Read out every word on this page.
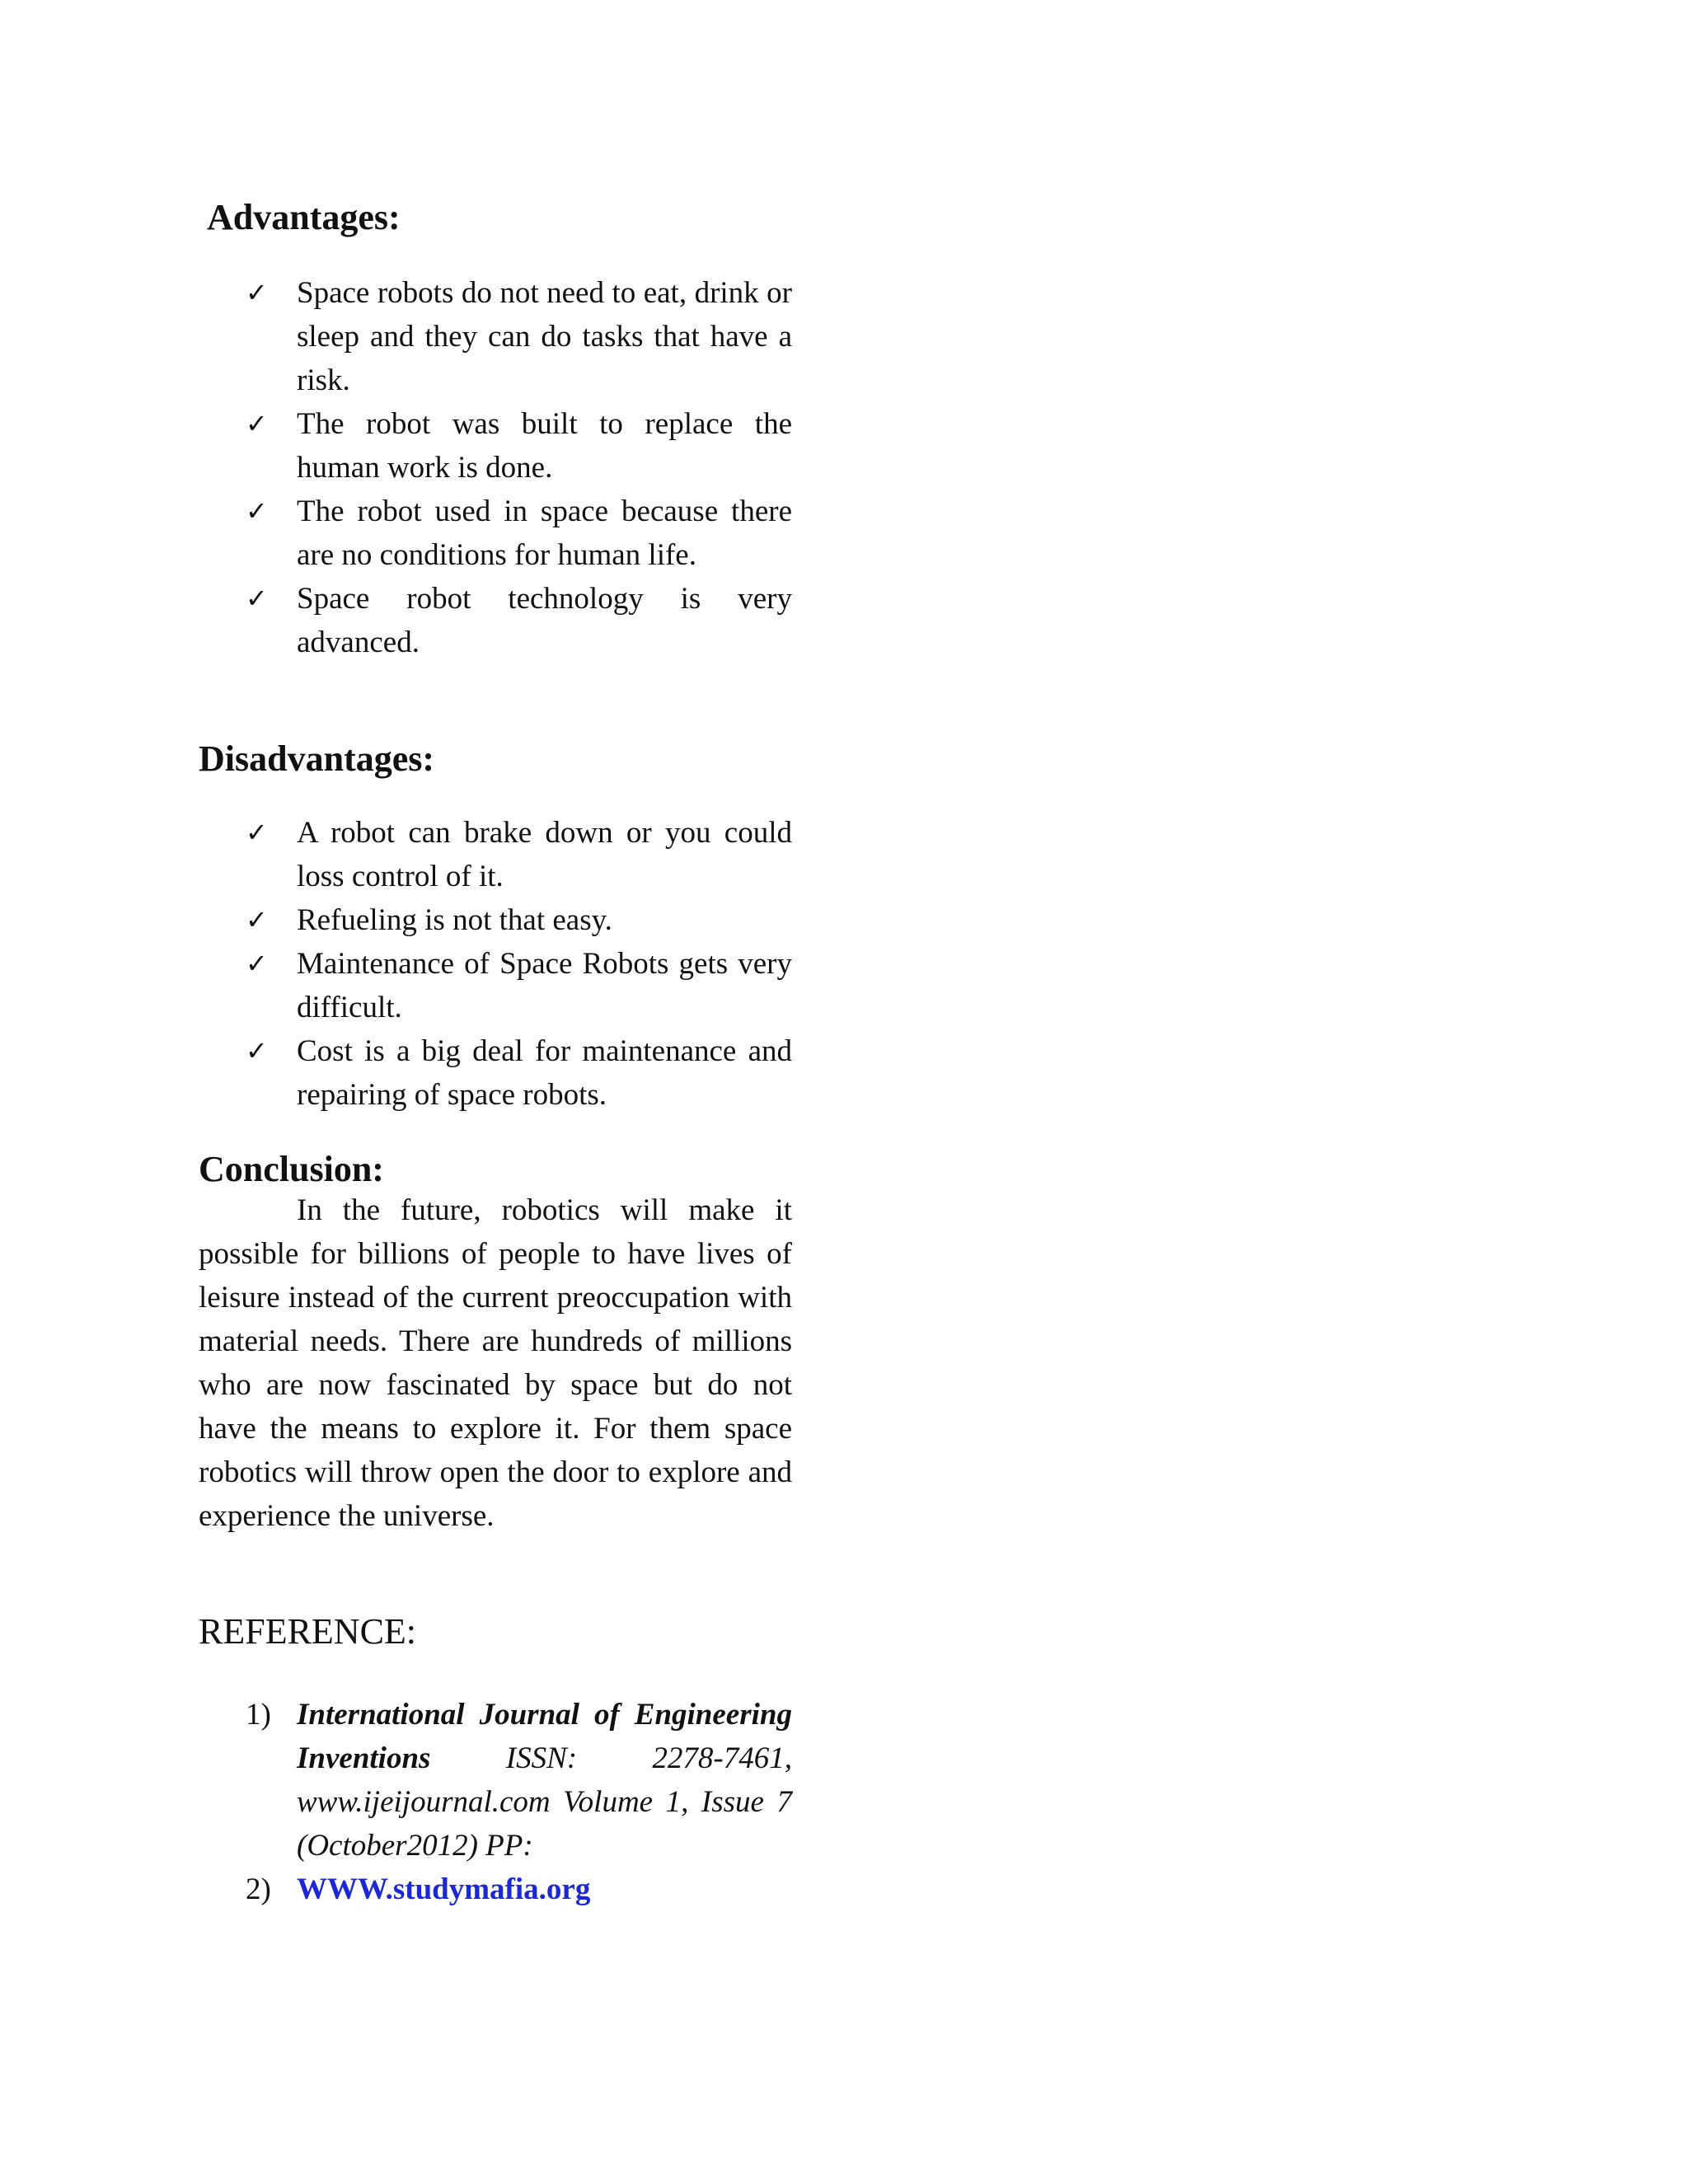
Advantages:
✓ Space robots do not need to eat, drink or sleep and they can do tasks that have a risk.
✓ The robot was built to replace the human work is done.
✓ The robot used in space because there are no conditions for human life.
✓ Space robot technology is very advanced.
Disadvantages:
✓ A robot can brake down or you could loss control of it.
✓ Refueling is not that easy.
✓ Maintenance of Space Robots gets very difficult.
✓ Cost is a big deal for maintenance and repairing of space robots.
Conclusion:

In the future, robotics will make it possible for billions of people to have lives of leisure instead of the current preoccupation with material needs. There are hundreds of millions who are now fascinated by space but do not have the means to explore it. For them space robotics will throw open the door to explore and experience the universe.

REFERENCE:
1) International Journal of Engineering Inventions ISSN: 2278-7461, www.ijeijournal.com Volume 1, Issue 7 (October2012) PP:
2) WWW.studymafia.org
